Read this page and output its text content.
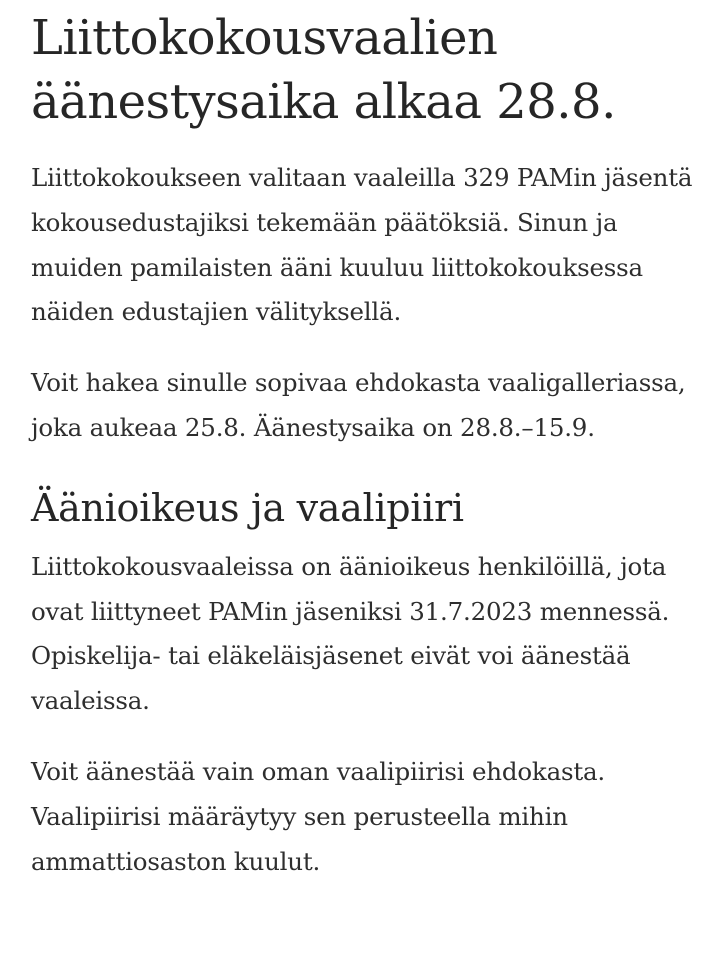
Liittokokousvaalien äänestysaika alkaa 28.8.

Liittokokoukseen valitaan vaaleilla 329 PAMin jäsentä kokousedustajiksi tekemään päätöksiä. Sinun ja muiden pamilaisten ääni kuuluu liittokokouksessa näiden edustajien välityksellä.

Voit hakea sinulle sopivaa ehdokasta vaaligalleriassa, joka aukeaa 25.8. Äänestysaika on 28.8.–15.9.

Äänioikeus ja vaalipiiri

Liittokokousvaaleissa on äänioikeus henkilöillä, jota ovat liittyneet PAMin jäseniksi 31.7.2023 mennessä. Opiskelija- tai eläkeläisjäsenet eivät voi äänestää vaaleissa.

Voit äänestää vain oman vaalipiirisi ehdokasta. Vaalipiirisi määräytyy sen perusteella mihin ammattiosaston kuulut.
